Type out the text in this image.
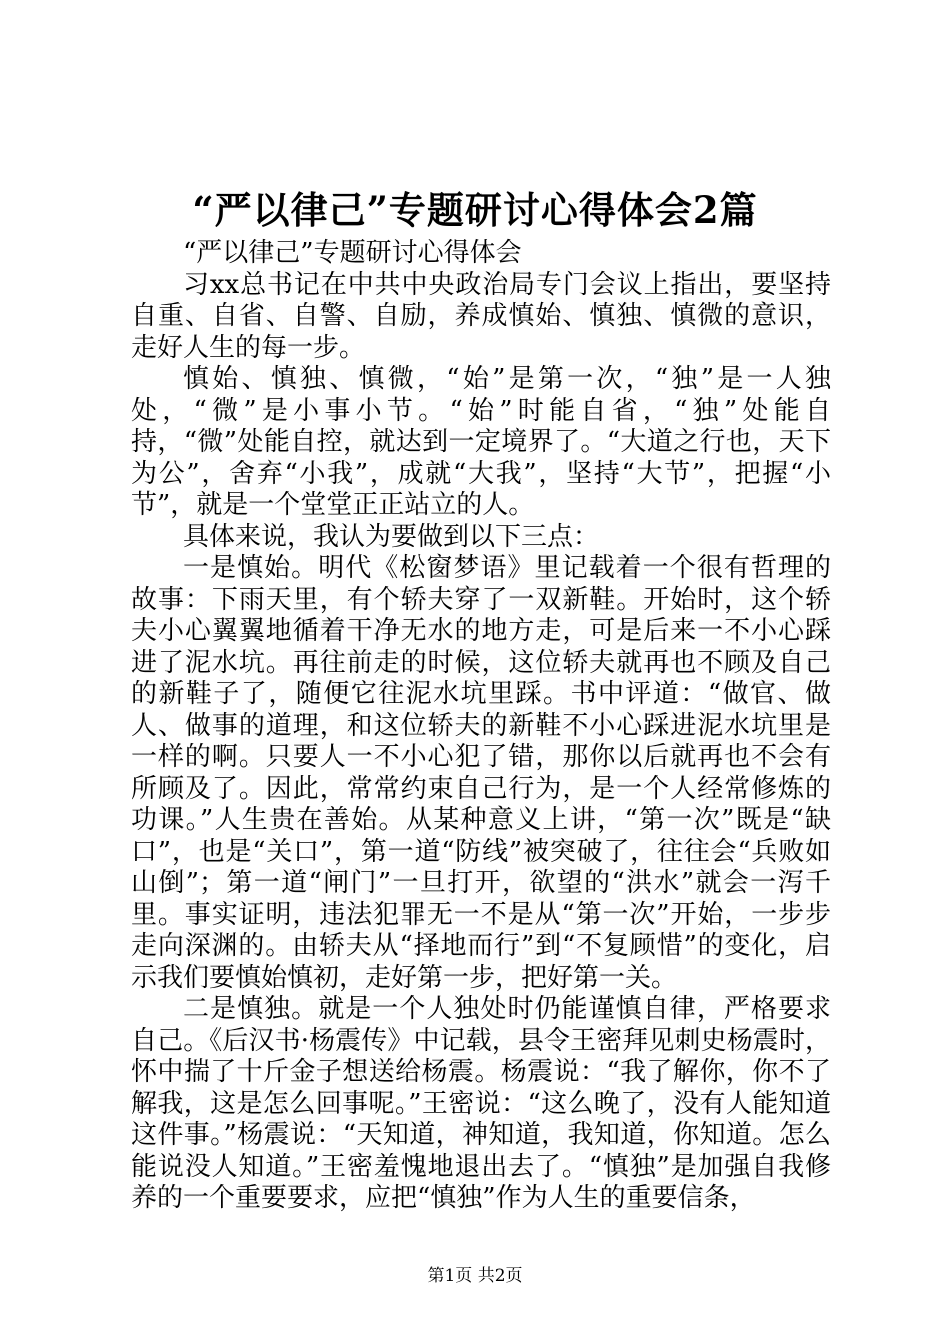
“严以律己”专题研讨心得体会2篇

“严以律己”专题研讨心得体会

习xx总书记在中共中央政治局专门会议上指出，要坚持自重、自省、自警、自励，养成慎始、慎独、慎微的意识，走好人生的每一步。

慎始、慎独、慎微，“始”是第一次，“独”是一人独处，“微”是小事小节。“始”时能自省，“独”处能自持，“微”处能自控，就达到一定境界了。“大道之行也，天下为公”，舍弃“小我”，成就“大我”，坚持“大节”，把握“小节”，就是一个堂堂正正站立的人。

具体来说，我认为要做到以下三点：

一是慎始。明代《松窗梦语》里记载着一个很有哲理的故事：下雨天里，有个轿夫穿了一双新鞋。开始时，这个轿夫小心翼翼地循着干净无水的地方走，可是后来一不小心踩进了泥水坑。再往前走的时候，这位轿夫就再也不顾及自己的新鞋子了，随便它往泥水坑里踩。书中评道：“做官、做人、做事的道理，和这位轿夫的新鞋不小心踩进泥水坑里是一样的啊。只要人一不小心犯了错，那你以后就再也不会有所顾及了。因此，常常约束自己行为，是一个人经常修炼的功课。”人生贵在善始。从某种意义上讲，“第一次”既是“缺口”，也是“关口”，第一道“防线”被突破了，往往会“兵败如山倒”；第一道“闸门”一旦打开，欲望的“洪水”就会一泻千里。事实证明，违法犯罪无一不是从“第一次”开始，一步步走向深渊的。由轿夫从“择地而行”到“不复顾惜”的变化，启示我们要慎始慎初，走好第一步，把好第一关。

二是慎独。就是一个人独处时仍能谨慎自律，严格要求自己。《后汉书·杨震传》中记载，县令王密拜见刺史杨震时，怀中揣了十斤金子想送给杨震。杨震说：“我了解你，你不了解我，这是怎么回事呢。”王密说：“这么晚了，没有人能知道这件事。”杨震说：“天知道，神知道，我知道，你知道。怎么能说没人知道。”王密羞愧地退出去了。“慎独”是加强自我修养的一个重要要求，应把“慎独”作为人生的重要信条，

第1页 共2页
